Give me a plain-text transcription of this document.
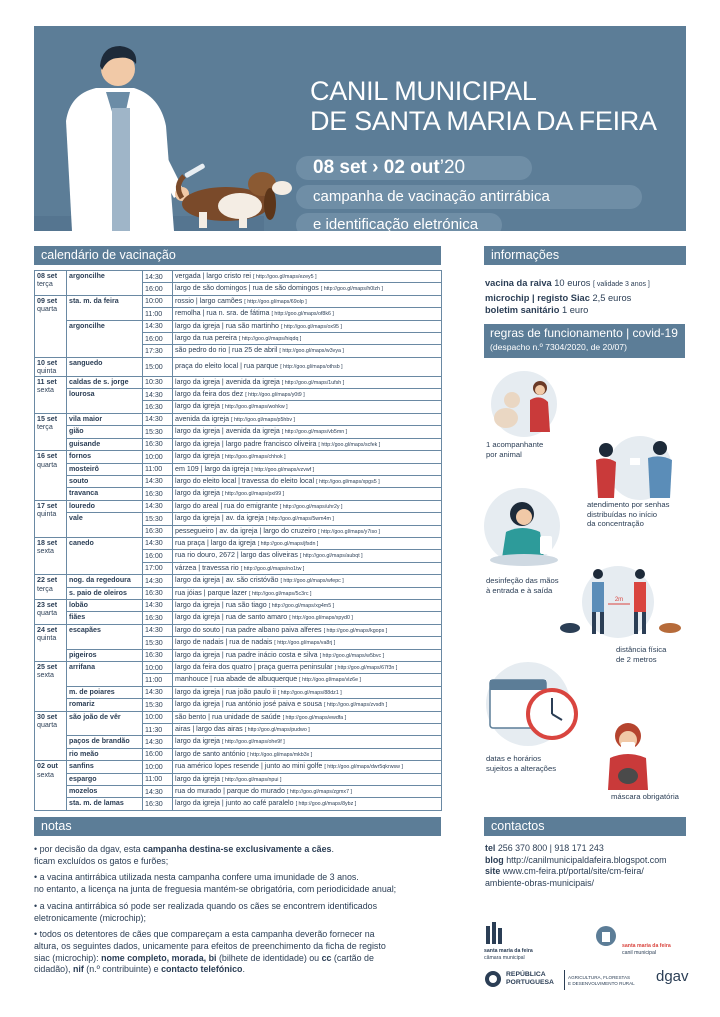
CANIL MUNICIPAL
DE SANTA MARIA DA FEIRA
08 set › 02 out’20
campanha de vacinação antirrábica
e identificação eletrónica
calendário de vacinação
08 set
terça	argoncilhe	14:30	vergada | largo cristo rei [ http://goo.gl/maps/ezey5 ]
		16:00	largo de são domingos | rua de são domingos [ http://goo.gl/maps/h0lzh ]
09 set
quarta	sta. m. da feira	10:00	rossio | largo camões [ http://goo.gl/maps/69olp ]
		11:00	remolha | rua n. sra. de fátima [ http://goo.gl/maps/of8k6 ]
	argoncilhe	14:30	largo da igreja | rua são martinho [ http://goo.gl/maps/ox95 ]
		16:00	largo da rua pereira [ http://goo.gl/maps/hiqdq ]
		17:30	são pedro do rio | rua 25 de abril [ http://goo.gl/maps/w3vya ]
10 set
quinta	sanguedo	15:00	praça do eleito local | rua parque [ http://goo.gl/maps/othsb ]
11 set
sexta	caldas de s. jorge	10:30	largo da igreja | avenida da igreja [ http://goo.gl/maps/1ufsh ]
	lourosa	14:30	largo da feira dos dez [ http://goo.gl/maps/y0t9 ]
		16:30	largo da igreja [ http://goo.gl/maps/wohkw ]
15 set
terça	vila maior	14:30	avenida da igreja [ http://goo.gl/maps/p5hbv ]
	gião	15:30	largo da igreja | avenida da igreja [ http://goo.gl/maps/vb5mn ]
	guisande	16:30	largo da igreja | largo padre francisco oliveira [ http://goo.gl/maps/scfek ]
16 set
quarta	fornos	10:00	largo da igreja [ http://goo.gl/maps/chhok ]
	mosteirô	11:00	em 109 | largo da igreja [ http://goo.gl/maps/vzvwf ]
	souto	14:30	largo do eleito local | travessa do eleito local [ http://goo.gl/maps/xpgs5 ]
	travanca	16:30	largo da igreja [ http://goo.gl/maps/pxi99 ]
17 set
quinta	louredo	14:30	largo do areal | rua do emigrante [ http://goo.gl/maps/uhr2y ]
	vale	15:30	largo da igreja | av. da igreja [ http://goo.gl/maps/5wm4m ]
		16:30	pessegueiro | av. da igreja | largo do cruzeiro [ http://goo.gl/maps/y7iso ]
18 set
sexta	canedo	14:30	rua praça | largo da igreja [ http://goo.gl/maps/jfsdn ]
		16:00	rua rio douro, 2672 | largo das oliveiras [ http://goo.gl/maps/aubqt ]
		17:00	várzea | travessa rio [ http://goo.gl/maps/no1tw ]
22 set
terça	nog. da regedoura	14:30	largo da igreja | av. são cristóvão [ http://goo.gl/maps/wfepc ]
	s. paio de oleiros	16:30	rua jóias | parque lazer [ http://goo.gl/maps/5c3rc ]
23 set
quarta	lobão	14:30	largo da igreja | rua são tiago [ http://goo.gl/maps/xg4m5 ]
	fiães	16:30	largo da igreja | rua de santo amaro [ http://goo.gl/maps/xpyd0 ]
24 set
quinta	escapães	14:30	largo do souto | rua padre albano paiva alferes [ http://goo.gl/maps/kgops ]
		15:30	largo de nadais | rua de nadais [ http://goo.gl/maps/va8rj ]
	pigeiros	16:30	largo da igreja | rua padre inácio costa e silva [ http://goo.gl/maps/w5bvc ]
25 set
sexta	arrifana	10:00	largo da feira dos quatro | praça guerra peninsular [ http://goo.gl/maps/67f3n ]
		11:00	manhouce | rua abade de albuquerque [ http://goo.gl/maps/vlz6e ]
	m. de poiares	14:30	largo da igreja | rua joão paulo ii [ http://goo.gl/maps/88dz1 ]
	romariz	15:30	largo da igreja | rua antónio josé paiva e sousa [ http://goo.gl/maps/zvsdh ]
30 set
quarta	são joão de vêr	10:00	são bento | rua unidade de saúde [ http://goo.gl/maps/ewdfa ]
		11:30	airas | largo das airas [ http://goo.gl/maps/pudwo ]
	paços de brandão	14:30	largo da igreja [ http://goo.gl/maps/ohe9f ]
	rio meão	16:00	largo de santo antónio [ http://goo.gl/maps/mkb3x ]
02 out
sexta	sanfins	10:00	rua américo lopes resende | junto ao mini golfe [ http://goo.gl/maps/dwr5qkrwsw ]
	espargo	11:00	largo da igreja [ http://goo.gl/maps/npui ]
	mozelos	14:30	rua do murado | parque do murado [ http://goo.gl/maps/zgmx7 ]
	sta. m. de lamas	16:30	largo da igreja | junto ao café paralelo [ http://goo.gl/maps/8ybz ]
informações
vacina da raiva 10 euros [ validade 3 anos ]
microchip | registo Siac 2,5 euros
boletim sanitário 1 euro
regras de funcionamento | covid-19
(despacho n.º 7304/2020, de 20/07)
1 acompanhante
por animal
atendimento por senhas
distribuídas no início
da concentração
desinfeção das mãos
à entrada e à saída
2m
distância física
de 2 metros
datas e horários
sujeitos a alterações
máscara obrigatória
notas

• por decisão da dgav, esta campanha destina-se exclusivamente a cães.
ficam excluídos os gatos e furões;

• a vacina antirrábica utilizada nesta campanha confere uma imunidade de 3 anos.
no entanto, a licença na junta de freguesia mantém-se obrigatória, com periodicidade anual;

• a vacina antirrábica só pode ser realizada quando os cães se encontrem identificados
eletronicamente (microchip);

• todos os detentores de cães que compareçam a esta campanha deverão fornecer na
altura, os seguintes dados, unicamente para efeitos de preenchimento da ficha de registo
siac (microchip): nome completo, morada, bi (bilhete de identidade) ou cc (cartão de
cidadão), nif (n.º contribuinte) e contacto telefónico.

contactos
tel 256 370 800 | 918 171 243
blog http://canilmunicipaldafeira.blogspot.com
site www.cm-feira.pt/portal/site/cm-feira/
ambiente-obras-municipais/
santa maria da feira
câmara municipal
santa maria da feira
canil municipal
REPÚBLICA
PORTUGUESA
AGRICULTURA, FLORESTAS
E DESENVOLVIMENTO RURAL dgav
